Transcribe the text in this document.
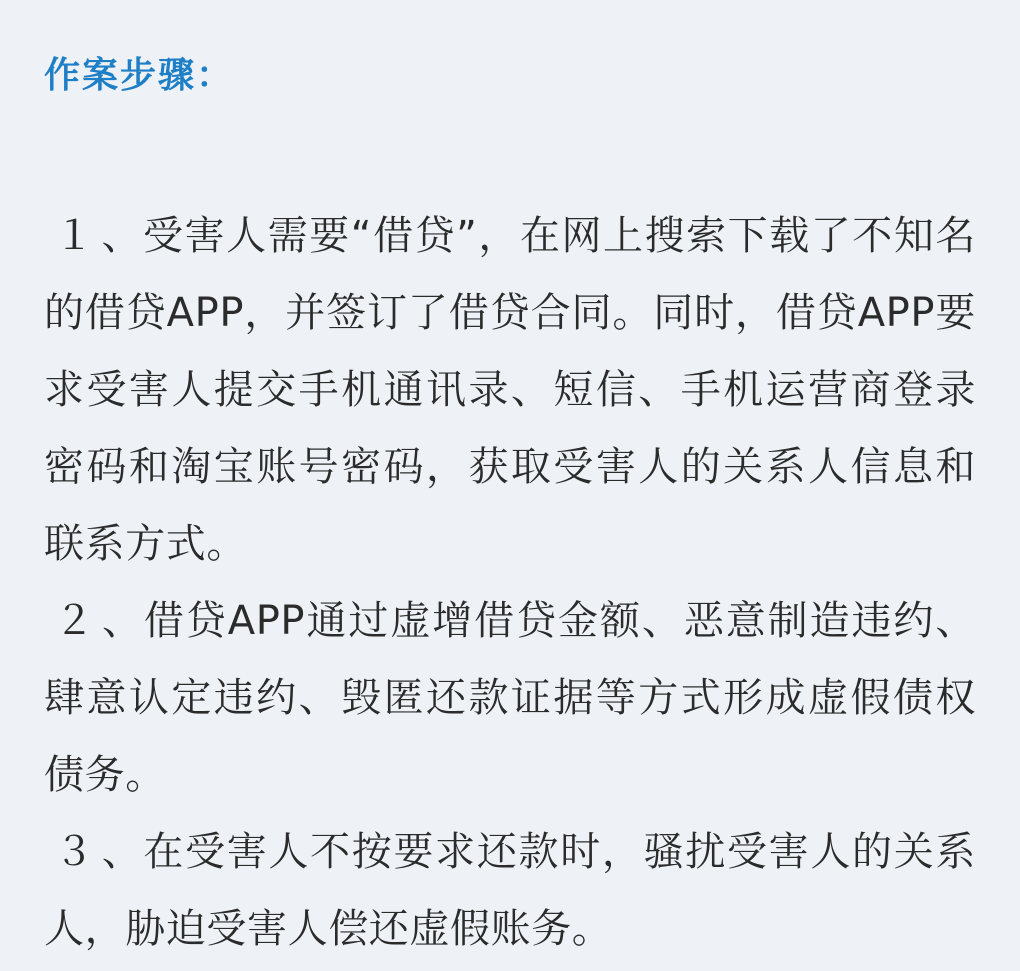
作案步骤：

１ 、受害人需要“借贷”，在网上搜索下载了不知名的借贷APP，并签订了借贷合同。同时，借贷APP要求受害人提交手机通讯录、短信、手机运营商登录密码和淘宝账号密码，获取受害人的关系人信息和联系方式。

２ 、借贷APP通过虚增借贷金额、恶意制造违约、肆意认定违约、毁匿还款证据等方式形成虚假债权债务。

３ 、在受害人不按要求还款时，骚扰受害人的关系人，胁迫受害人偿还虚假账务。
